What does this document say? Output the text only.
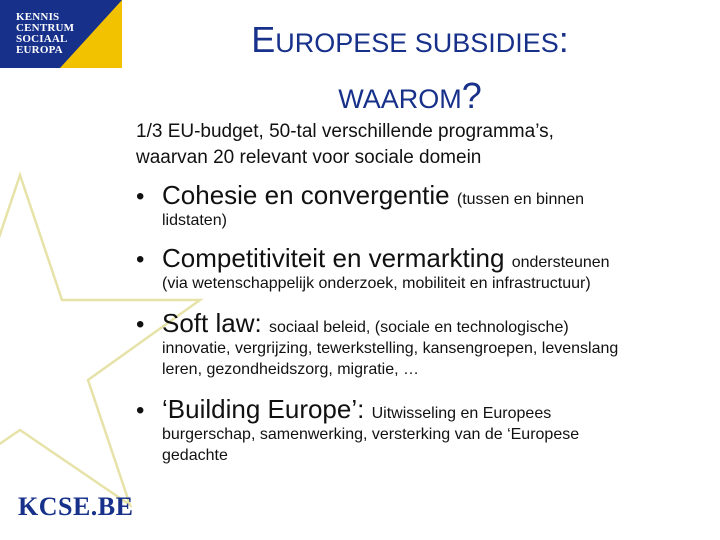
KENNIS
CENTRUM
SOCIAAL
EUROPA	EUROPESE SUBSIDIES:
WAAROM?
1/3 EU-budget, 50-tal verschillende programma’s,
waarvan 20 relevant voor sociale domein
• Cohesie en convergentie (tussen en binnen
lidstaten)
• Competitiviteit en vermarkting ondersteunen
(via wetenschappelijk onderzoek, mobiliteit en infrastructuur)
• Soft law: sociaal beleid, (sociale en technologische)
innovatie, vergrijzing, tewerkstelling, kansengroepen, levenslang
leren, gezondheidszorg, migratie, …
• ‘Building Europe’: Uitwisseling en Europees
burgerschap, samenwerking, versterking van de ‘Europese
gedachte
KCSE.BE
